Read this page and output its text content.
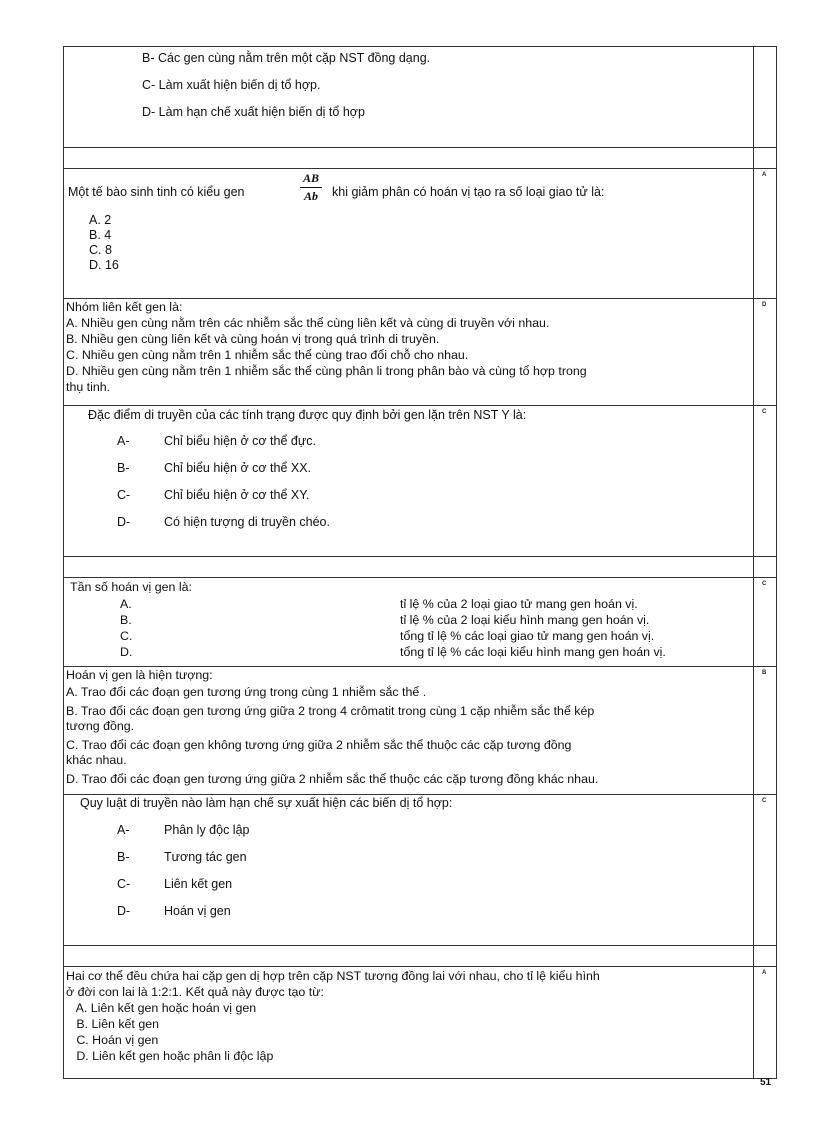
B- Các gen cùng nằm trên một cặp NST đồng dạng.
C- Làm xuất hiện biến dị tổ hợp.
D- Làm hạn chế xuất hiện biến dị tổ hợp
Một tế bào sinh tinh có kiểu gen
AB
Ab	khi giảm phân có hoán vị tạo ra số loại giao tử là:
A. 2
B. 4
C. 8
D. 16
A
Nhóm liên kết gen là:
A. Nhiều gen cùng nằm trên các nhiễm sắc thể cùng liên kết và cùng di truyền với nhau.
B. Nhiều gen cùng liên kết và cùng hoán vị trong quá trình di truyền.
C. Nhiều gen cùng nằm trên 1 nhiễm sắc thể cùng trao đổi chỗ cho nhau.
D. Nhiều gen cùng nằm trên 1 nhiễm sắc thể cùng phân li trong phân bào và cùng tổ hợp trong
thụ tinh.
D
Đặc điểm di truyền của các tính trạng được quy định bởi gen lặn trên NST Y là:
A-	Chỉ biểu hiện ở cơ thể đực.
B-	Chỉ biểu hiện ở cơ thể XX.
C-	Chỉ biểu hiện ở cơ thể XY.
D-	Có hiện tượng di truyền chéo.
C
Tần số hoán vị gen là:
A.	tỉ lệ % của 2 loại giao tử mang gen hoán vị.
B.	tỉ lệ % của 2 loại kiểu hình mang gen hoán vị.
C.	tổng tỉ lệ % các loại giao tử mang gen hoán vị.
D.	tổng tỉ lệ % các loại kiểu hình mang gen hoán vị.
C
Hoán vị gen là hiện tượng:
A. Trao đổi các đoạn gen tương ứng trong cùng 1 nhiễm sắc thể .
B. Trao đổi các đoạn gen tương ứng giữa 2 trong 4 crômatit trong cùng 1 cặp nhiễm sắc thể kép
tương đồng.
C. Trao đổi các đoạn gen không tương ứng giữa 2 nhiễm sắc thể thuộc các cặp tương đồng
khác nhau.
D. Trao đổi các đoạn gen tương ứng giữa 2 nhiễm sắc thể thuộc các cặp tương đồng khác nhau.
B
Quy luật di truyền nào làm hạn chế sự xuất hiện các biến dị tổ hợp:
A-	Phân ly độc lập
B-	Tương tác gen
C-	Liên kết gen
D-	Hoán vị gen
C
Hai cơ thể đều chứa hai cặp gen dị hợp trên cặp NST tương đồng lai với nhau, cho tỉ lệ kiểu hình
ở đời con lai là 1:2:1. Kết quả này được tạo từ:
A. Liên kết gen hoặc hoán vị gen
B. Liên kết gen
C. Hoán vị gen
D. Liên kết gen hoặc phân li độc lập
A
51
